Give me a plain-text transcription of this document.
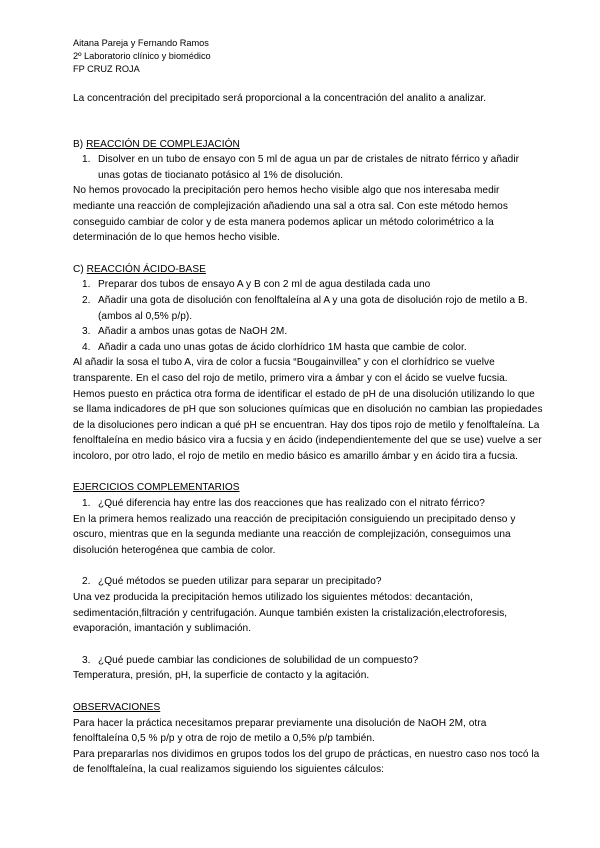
Aitana Pareja y Fernando Ramos
2º Laboratorio clínico y biomédico
FP CRUZ ROJA

La concentración del precipitado será proporcional a la concentración del analito a analizar.

B) REACCIÓN DE COMPLEJACIÓN

1. Disolver en un tubo de ensayo con 5 ml de agua un par de cristales de nitrato férrico y añadir unas gotas de tiocianato potásico al 1% de disolución.

No hemos provocado la precipitación pero hemos hecho visible algo que nos interesaba medir mediante una reacción de complejización añadiendo una sal a otra sal. Con este método hemos conseguido cambiar de color y de esta manera podemos aplicar un método colorimétrico a la determinación de lo que hemos hecho visible.

C) REACCIÓN ÁCIDO-BASE

1. Preparar dos tubos de ensayo A y B con 2 ml de agua destilada cada uno
2. Añadir una gota de disolución con fenolftaleína al A y una gota de disolución rojo de metilo a B. (ambos al 0,5% p/p).
3. Añadir a ambos unas gotas de NaOH 2M.
4. Añadir a cada uno unas gotas de ácido clorhídrico 1M hasta que cambie de color.

Al añadir la sosa el tubo A, vira de color a fucsia “Bougainvillea” y con el clorhídrico se vuelve transparente. En el caso del rojo de metilo, primero vira a ámbar y con el ácido se vuelve fucsia.

Hemos puesto en práctica otra forma de identificar el estado de pH de una disolución utilizando lo que se llama indicadores de pH que son soluciones químicas que en disolución no cambian las propiedades de la disoluciones pero indican a qué pH se encuentran. Hay dos tipos rojo de metilo y fenolftaleína. La fenolftaleína en medio básico vira a fucsia y en ácido (independientemente del que se use) vuelve a ser incoloro, por otro lado, el rojo de metilo en medio básico es amarillo ámbar y en ácido tira a fucsia.

EJERCICIOS COMPLEMENTARIOS

1. ¿Qué diferencia hay entre las dos reacciones que has realizado con el nitrato férrico?

En la primera hemos realizado una reacción de precipitación consiguiendo un precipitado denso y oscuro, mientras que en la segunda mediante una reacción de complejización, conseguimos una disolución heterogénea que cambia de color.

2. ¿Qué métodos se pueden utilizar para separar un precipitado?

Una vez producida la precipitación hemos utilizado los siguientes métodos: decantación, sedimentación,filtración y centrifugación. Aunque también existen la cristalización,electroforesis, evaporación, imantación y sublimación.

3. ¿Qué puede cambiar las condiciones de solubilidad de un compuesto?

Temperatura, presión, pH, la superficie de contacto y la agitación.

OBSERVACIONES

Para hacer la práctica necesitamos preparar previamente una disolución de NaOH 2M, otra fenolftaleína 0,5 % p/p y otra de rojo de metilo a 0,5% p/p también.

Para prepararlas nos dividimos en grupos todos los del grupo de prácticas, en nuestro caso nos tocó la de fenolftaleína, la cual realizamos siguiendo los siguientes cálculos:
